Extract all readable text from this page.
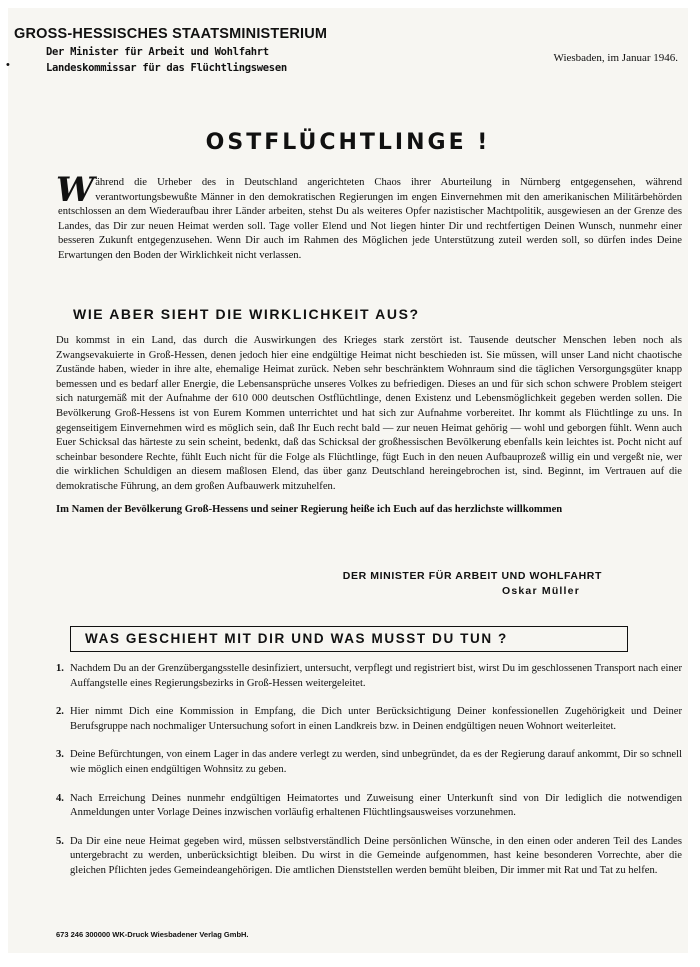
GROSS-HESSISCHES STAATSMINISTERIUM
Der Minister für Arbeit und Wohlfahrt
Landeskommissar für das Flüchtlingswesen
•
Wiesbaden, im Januar 1946.
OSTFLÜCHTLINGE !
Während die Urheber des in Deutschland angerichteten Chaos ihrer Aburteilung in Nürnberg entgegensehen, während verantwortungsbewußte Männer in den demokratischen Regierungen im engen Einvernehmen mit den amerikanischen Militärbehörden entschlossen an dem Wiederaufbau ihrer Länder arbeiten, stehst Du als weiteres Opfer nazistischer Machtpolitik, ausgewiesen an der Grenze des Landes, das Dir zur neuen Heimat werden soll. Tage voller Elend und Not liegen hinter Dir und rechtfertigen Deinen Wunsch, nunmehr einer besseren Zukunft entgegenzusehen. Wenn Dir auch im Rahmen des Möglichen jede Unterstützung zuteil werden soll, so dürfen indes Deine Erwartungen den Boden der Wirklichkeit nicht verlassen.
WIE ABER SIEHT DIE WIRKLICHKEIT AUS?
Du kommst in ein Land, das durch die Auswirkungen des Krieges stark zerstört ist. Tausende deutscher Menschen leben noch als Zwangsevakuierte in Groß-Hessen, denen jedoch hier eine endgültige Heimat nicht beschieden ist. Sie müssen, will unser Land nicht chaotische Zustände haben, wieder in ihre alte, ehemalige Heimat zurück. Neben sehr beschränktem Wohnraum sind die täglichen Versorgungsgüter knapp bemessen und es bedarf aller Energie, die Lebensansprüche unseres Volkes zu befriedigen. Dieses an und für sich schon schwere Problem steigert sich naturgemäß mit der Aufnahme der 610 000 deutschen Ostflüchtlinge, denen Existenz und Lebensmöglichkeit gegeben werden sollen. Die Bevölkerung Groß-Hessens ist von Eurem Kommen unterrichtet und hat sich zur Aufnahme vorbereitet. Ihr kommt als Flüchtlinge zu uns. In gegenseitigem Einvernehmen wird es möglich sein, daß Ihr Euch recht bald — zur neuen Heimat gehörig — wohl und geborgen fühlt. Wenn auch Euer Schicksal das härteste zu sein scheint, bedenkt, daß das Schicksal der großhessischen Bevölkerung ebenfalls kein leichtes ist. Pocht nicht auf scheinbar besondere Rechte, fühlt Euch nicht für die Folge als Flüchtlinge, fügt Euch in den neuen Aufbauprozeß willig ein und vergeßt nie, wer die wirklichen Schuldigen an diesem maßlosen Elend, das über ganz Deutschland hereingebrochen ist, sind. Beginnt, im Vertrauen auf die demokratische Führung, an dem großen Aufbauwerk mitzuhelfen.
Im Namen der Bevölkerung Groß-Hessens und seiner Regierung heiße ich Euch auf das herzlichste willkommen
DER MINISTER FÜR ARBEIT UND WOHLFAHRT
Oskar Müller
WAS GESCHIEHT MIT DIR UND WAS MUSST DU TUN ?
1. Nachdem Du an der Grenzübergangsstelle desinfiziert, untersucht, verpflegt und registriert bist, wirst Du im geschlossenen Transport nach einer Auffangstelle eines Regierungsbezirks in Groß-Hessen weitergeleitet.
2. Hier nimmt Dich eine Kommission in Empfang, die Dich unter Berücksichtigung Deiner konfessionellen Zugehörigkeit und Deiner Berufsgruppe nach nochmaliger Untersuchung sofort in einen Landkreis bzw. in Deinen endgültigen neuen Wohnort weiterleitet.
3. Deine Befürchtungen, von einem Lager in das andere verlegt zu werden, sind unbegründet, da es der Regierung darauf ankommt, Dir so schnell wie möglich einen endgültigen Wohnsitz zu geben.
4. Nach Erreichung Deines nunmehr endgültigen Heimatortes und Zuweisung einer Unterkunft sind von Dir lediglich die notwendigen Anmeldungen unter Vorlage Deines inzwischen vorläufig erhaltenen Flüchtlingsausweises vorzunehmen.
5. Da Dir eine neue Heimat gegeben wird, müssen selbstverständlich Deine persönlichen Wünsche, in den einen oder anderen Teil des Landes untergebracht zu werden, unberücksichtigt bleiben. Du wirst in die Gemeinde aufgenommen, hast keine besonderen Vorrechte, aber die gleichen Pflichten jedes Gemeindeangehörigen. Die amtlichen Dienststellen werden bemüht bleiben, Dir immer mit Rat und Tat zu helfen.
673 246 300000 WK-Druck Wiesbadener Verlag GmbH.
